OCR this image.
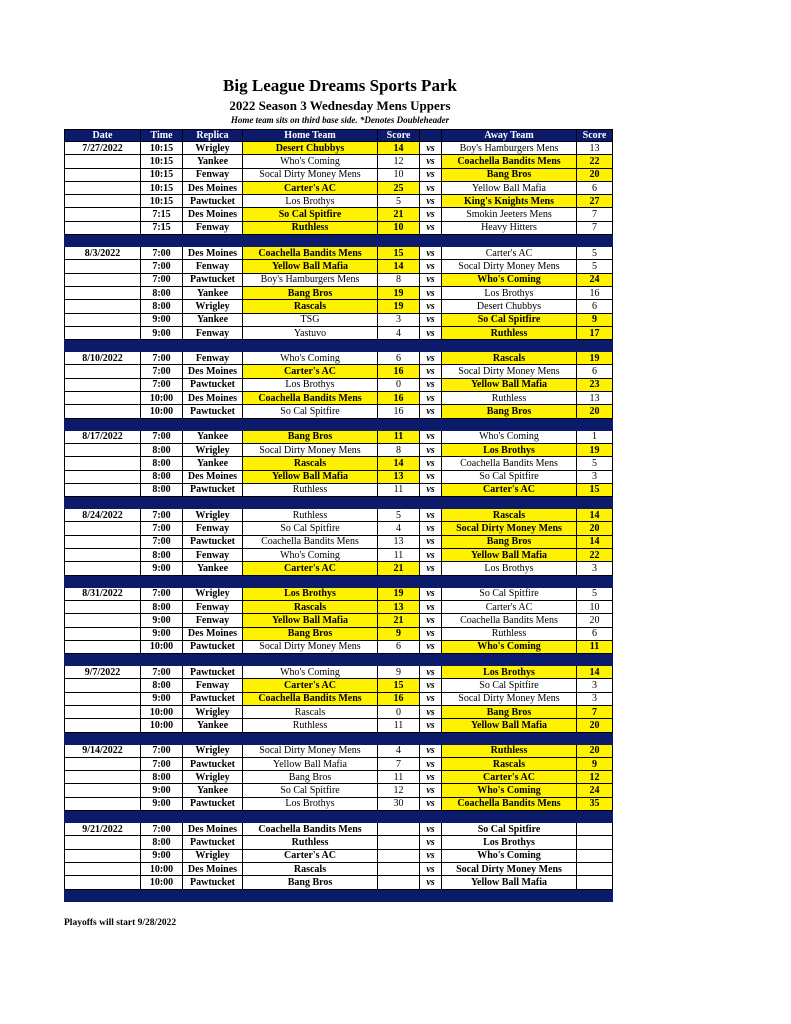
Big League Dreams Sports Park
2022 Season 3 Wednesday Mens Uppers
Home team sits on third base side. *Denotes Doubleheader
Date	Time	Replica	Home Team	Score		Away Team	Score
7/27/2022	10:15	Wrigley	Desert Chubbys	14	vs	Boy's Hamburgers Mens	13
	10:15	Yankee	Who's Coming	12	vs	Coachella Bandits Mens	22
	10:15	Fenway	Socal Dirty Money Mens	10	vs	Bang Bros	20
	10:15	Des Moines	Carter's AC	25	vs	Yellow Ball Mafia	6
	10:15	Pawtucket	Los Brothys	5	vs	King's Knights Mens	27
	7:15	Des Moines	So Cal Spitfire	21	vs	Smokin Jeeters Mens	7
	7:15	Fenway	Ruthless	10	vs	Heavy Hitters	7

8/3/2022	7:00	Des Moines	Coachella Bandits Mens	15	vs	Carter's AC	5
	7:00	Fenway	Yellow Ball Mafia	14	vs	Socal Dirty Money Mens	5
	7:00	Pawtucket	Boy's Hamburgers Mens	8	vs	Who's Coming	24
	8:00	Yankee	Bang Bros	19	vs	Los Brothys	16
	8:00	Wrigley	Rascals	19	vs	Desert Chubbys	6
	9:00	Yankee	TSG	3	vs	So Cal Spitfire	9
	9:00	Fenway	Yastuvo	4	vs	Ruthless	17

8/10/2022	7:00	Fenway	Who's Coming	6	vs	Rascals	19
	7:00	Des Moines	Carter's AC	16	vs	Socal Dirty Money Mens	6
	7:00	Pawtucket	Los Brothys	0	vs	Yellow Ball Mafia	23
	10:00	Des Moines	Coachella Bandits Mens	16	vs	Ruthless	13
	10:00	Pawtucket	So Cal Spitfire	16	vs	Bang Bros	20

8/17/2022	7:00	Yankee	Bang Bros	11	vs	Who's Coming	1
	8:00	Wrigley	Socal Dirty Money Mens	8	vs	Los Brothys	19
	8:00	Yankee	Rascals	14	vs	Coachella Bandits Mens	5
	8:00	Des Moines	Yellow Ball Mafia	13	vs	So Cal Spitfire	3
	8:00	Pawtucket	Ruthless	11	vs	Carter's AC	15

8/24/2022	7:00	Wrigley	Ruthless	5	vs	Rascals	14
	7:00	Fenway	So Cal Spitfire	4	vs	Socal Dirty Money Mens	20
	7:00	Pawtucket	Coachella Bandits Mens	13	vs	Bang Bros	14
	8:00	Fenway	Who's Coming	11	vs	Yellow Ball Mafia	22
	9:00	Yankee	Carter's AC	21	vs	Los Brothys	3

8/31/2022	7:00	Wrigley	Los Brothys	19	vs	So Cal Spitfire	5
	8:00	Fenway	Rascals	13	vs	Carter's AC	10
	9:00	Fenway	Yellow Ball Mafia	21	vs	Coachella Bandits Mens	20
	9:00	Des Moines	Bang Bros	9	vs	Ruthless	6
	10:00	Pawtucket	Socal Dirty Money Mens	6	vs	Who's Coming	11

9/7/2022	7:00	Pawtucket	Who's Coming	9	vs	Los Brothys	14
	8:00	Fenway	Carter's AC	15	vs	So Cal Spitfire	3
	9:00	Pawtucket	Coachella Bandits Mens	16	vs	Socal Dirty Money Mens	3
	10:00	Wrigley	Rascals	0	vs	Bang Bros	7
	10:00	Yankee	Ruthless	11	vs	Yellow Ball Mafia	20

9/14/2022	7:00	Wrigley	Socal Dirty Money Mens	4	vs	Ruthless	20
	7:00	Pawtucket	Yellow Ball Mafia	7	vs	Rascals	9
	8:00	Wrigley	Bang Bros	11	vs	Carter's AC	12
	9:00	Yankee	So Cal Spitfire	12	vs	Who's Coming	24
	9:00	Pawtucket	Los Brothys	30	vs	Coachella Bandits Mens	35

9/21/2022	7:00	Des Moines	Coachella Bandits Mens		vs	So Cal Spitfire	
	8:00	Pawtucket	Ruthless		vs	Los Brothys	
	9:00	Wrigley	Carter's AC		vs	Who's Coming	
	10:00	Des Moines	Rascals		vs	Socal Dirty Money Mens	
	10:00	Pawtucket	Bang Bros		vs	Yellow Ball Mafia	

Playoffs will start 9/28/2022
